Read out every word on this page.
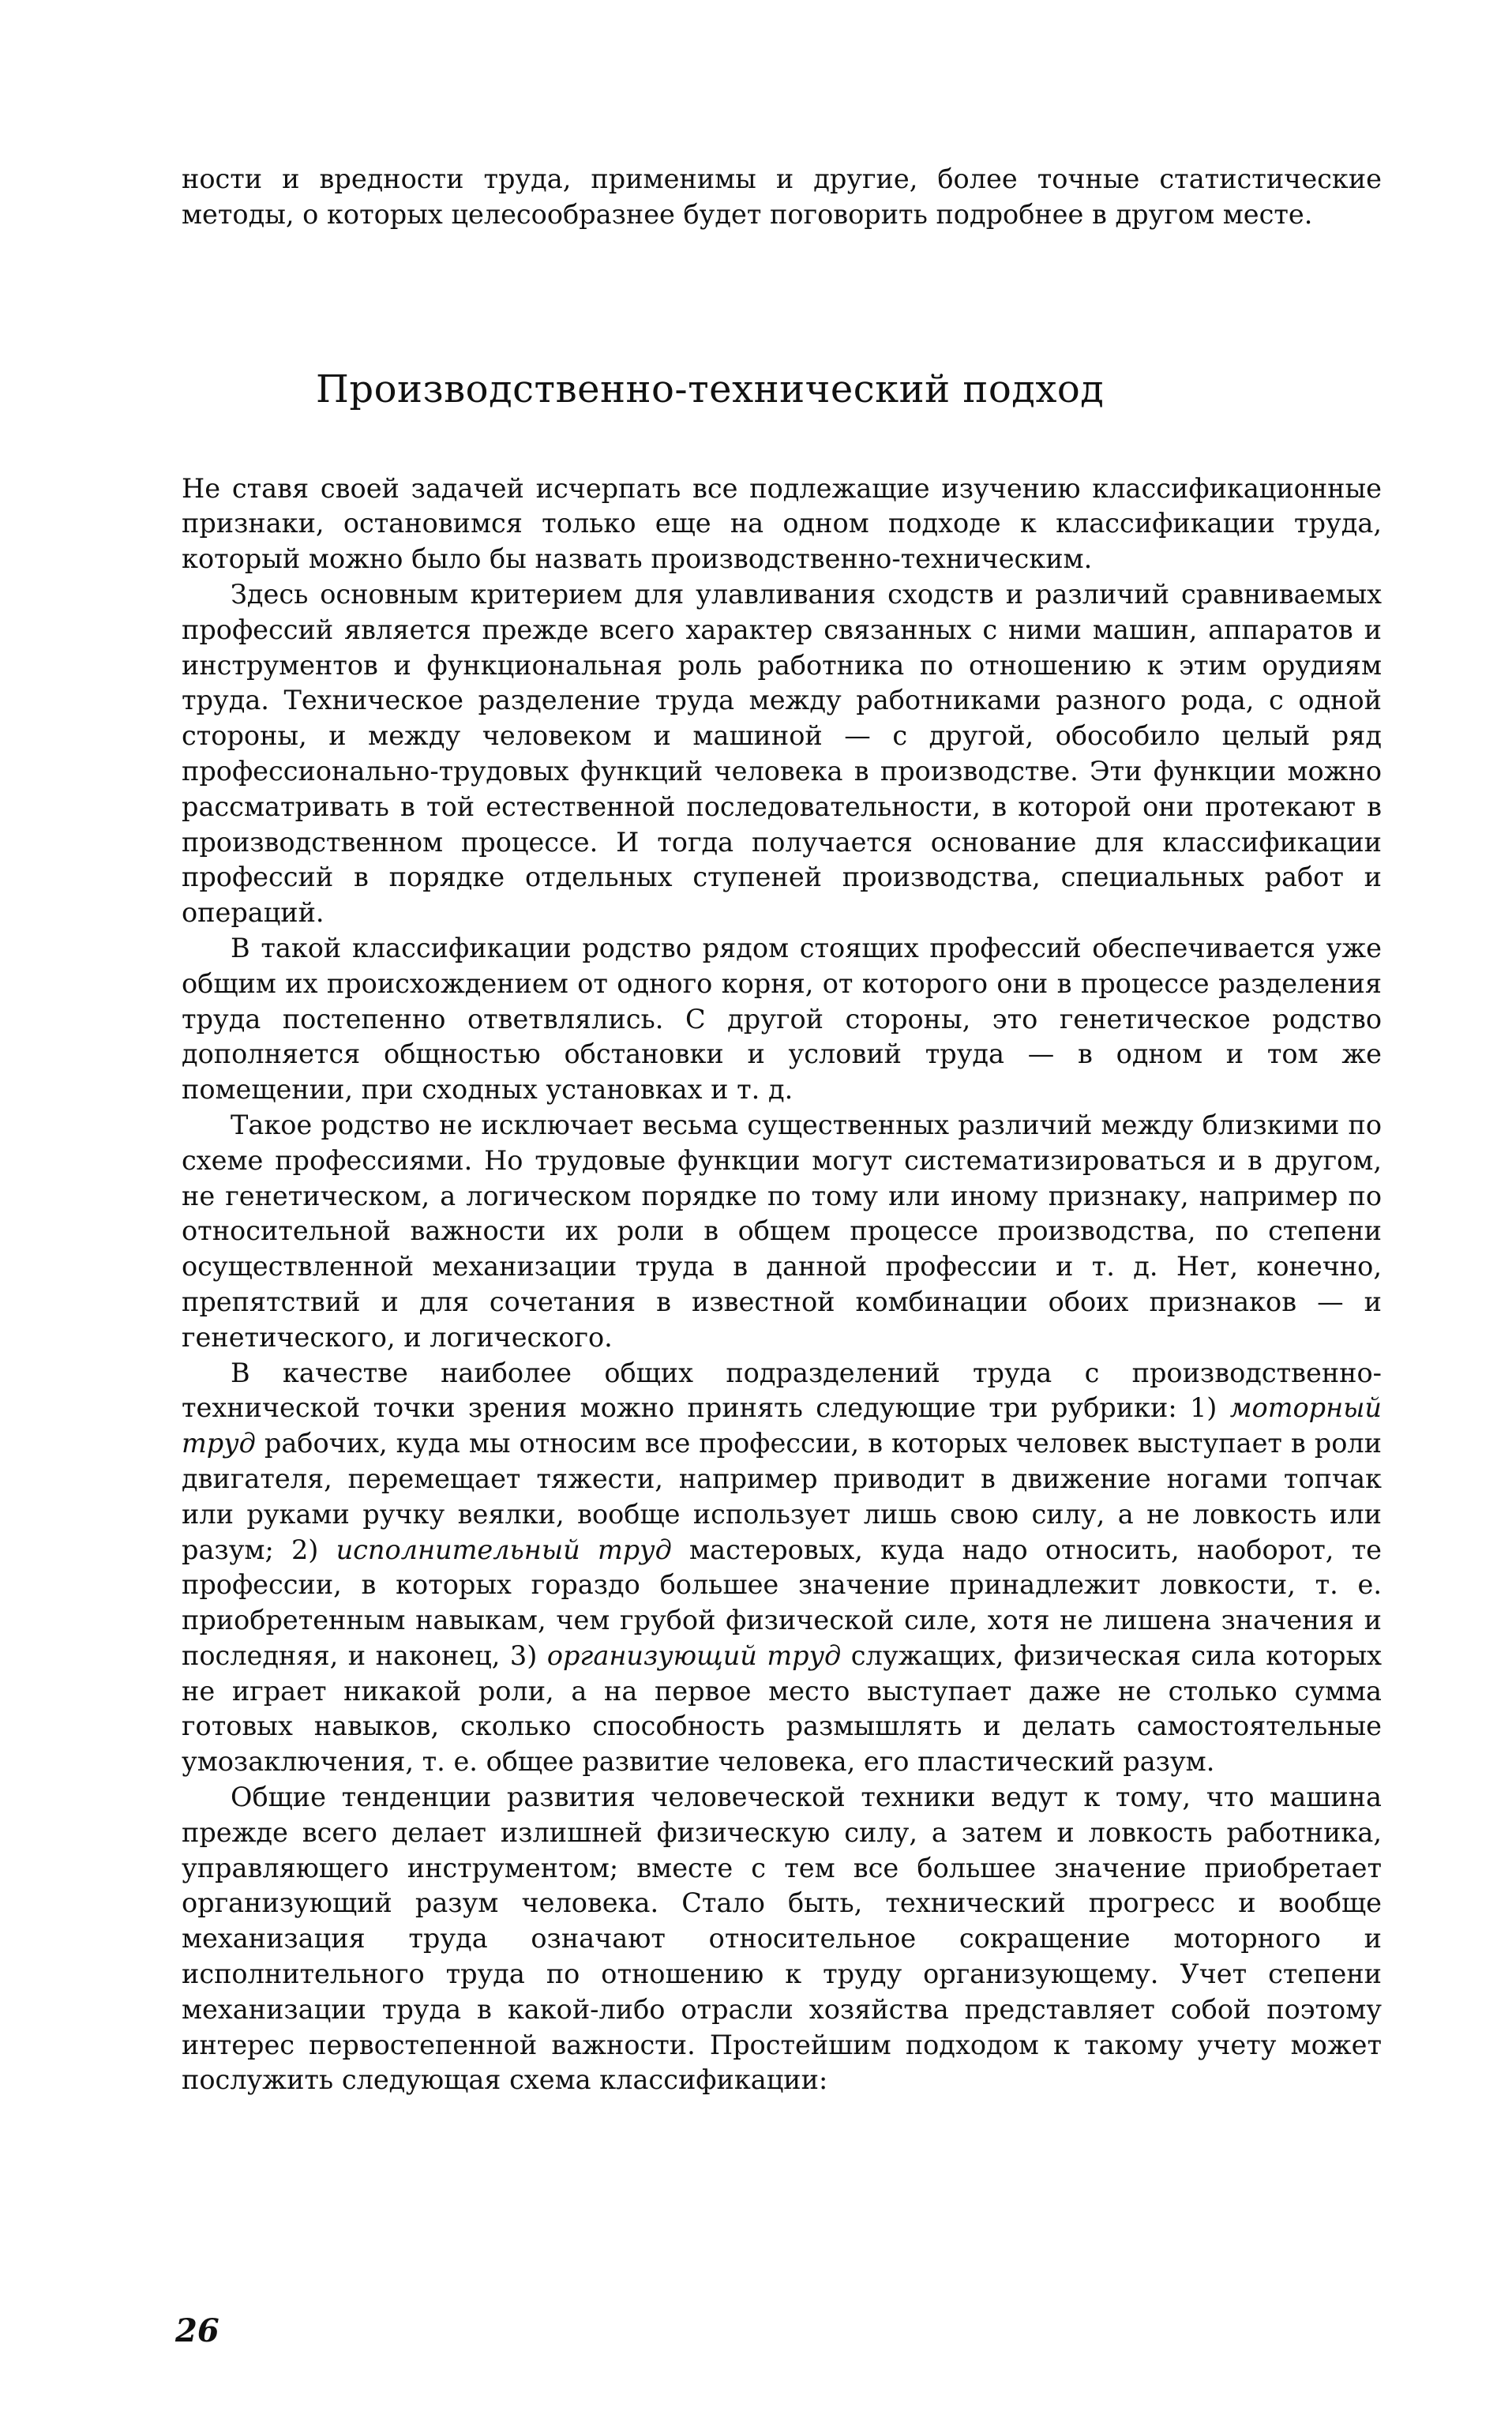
ности и вредности труда, применимы и другие, более точные статистические методы, о которых целесообразнее будет поговорить подробнее в другом месте.

Производственно-технический подход

Не ставя своей задачей исчерпать все подлежащие изучению классификационные признаки, остановимся только еще на одном подходе к классификации труда, который можно было бы назвать производственно-техническим.

Здесь основным критерием для улавливания сходств и различий сравниваемых профессий является прежде всего характер связанных с ними машин, аппаратов и инструментов и функциональная роль работника по отношению к этим орудиям труда. Техническое разделение труда между работниками разного рода, с одной стороны, и между человеком и машиной — с другой, обособило целый ряд профессионально-трудовых функций человека в производстве. Эти функции можно рассматривать в той естественной последовательности, в которой они протекают в производственном процессе. И тогда получается основание для классификации профессий в порядке отдельных ступеней производства, специальных работ и операций.

В такой классификации родство рядом стоящих профессий обеспечивается уже общим их происхождением от одного корня, от которого они в процессе разделения труда постепенно ответвлялись. С другой стороны, это генетическое родство дополняется общностью обстановки и условий труда — в одном и том же помещении, при сходных установках и т. д.

Такое родство не исключает весьма существенных различий между близкими по схеме профессиями. Но трудовые функции могут систематизироваться и в другом, не генетическом, а логическом порядке по тому или иному признаку, например по относительной важности их роли в общем процессе производства, по степени осуществленной механизации труда в данной профессии и т. д. Нет, конечно, препятствий и для сочетания в известной комбинации обоих признаков — и генетического, и логического.

В качестве наиболее общих подразделений труда с производственно-технической точки зрения можно принять следующие три рубрики: 1) моторный труд рабочих, куда мы относим все профессии, в которых человек выступает в роли двигателя, перемещает тяжести, например приводит в движение ногами топчак или руками ручку веялки, вообще использует лишь свою силу, а не ловкость или разум; 2) исполнительный труд мастеровых, куда надо относить, наоборот, те профессии, в которых гораздо большее значение принадлежит ловкости, т. е. приобретенным навыкам, чем грубой физической силе, хотя не лишена значения и последняя, и наконец, 3) организующий труд служащих, физическая сила которых не играет никакой роли, а на первое место выступает даже не столько сумма готовых навыков, сколько способность размышлять и делать самостоятельные умозаключения, т. е. общее развитие человека, его пластический разум.

Общие тенденции развития человеческой техники ведут к тому, что машина прежде всего делает излишней физическую силу, а затем и ловкость работника, управляющего инструментом; вместе с тем все большее значение приобретает организующий разум человека. Стало быть, технический прогресс и вообще механизация труда означают относительное сокращение моторного и исполнительного труда по отношению к труду организующему. Учет степени механизации труда в какой-либо отрасли хозяйства представляет собой поэтому интерес первостепенной важности. Простейшим подходом к такому учету может послужить следующая схема классификации:

26
